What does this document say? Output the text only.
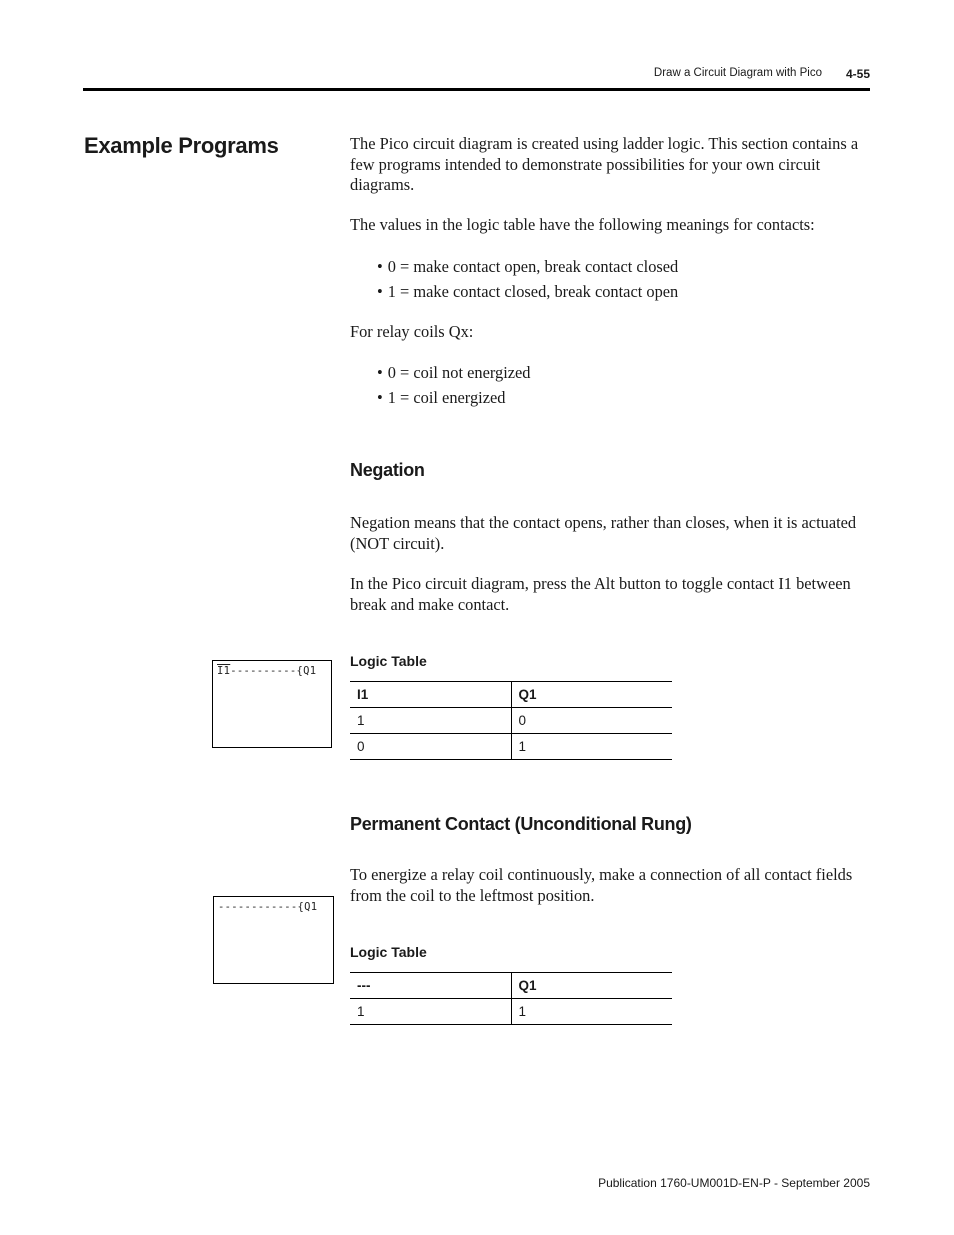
Draw a Circuit Diagram with Pico	4-55
Example Programs	The Pico circuit diagram is created using ladder logic. This section contains a few programs intended to demonstrate possibilities for your own circuit diagrams.

The values in the logic table have the following meanings for contacts:

• 0 = make contact open, break contact closed
• 1 = make contact closed, break contact open

For relay coils Qx:

• 0 = coil not energized
• 1 = coil energized
Negation

Negation means that the contact opens, rather than closes, when it is actuated (NOT circuit).

In the Pico circuit diagram, press the Alt button to toggle contact I1 between break and make contact.

I1----------{Q1
Logic Table
I1	Q1
1	0
0	1
Permanent Contact (Unconditional Rung)

To energize a relay coil continuously, make a connection of all contact fields from the coil to the leftmost position.

------------{Q1
Logic Table
---	Q1
1	1
Publication 1760-UM001D-EN-P - September 2005
